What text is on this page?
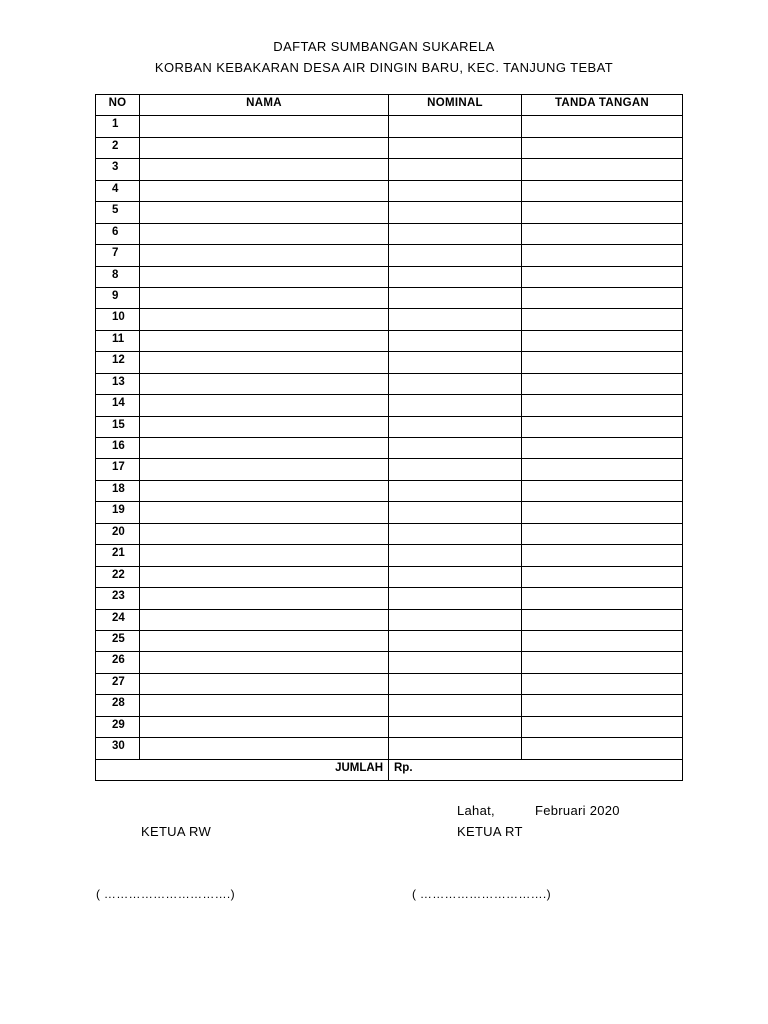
DAFTAR SUMBANGAN SUKARELA
KORBAN KEBAKARAN DESA AIR DINGIN BARU, KEC. TANJUNG TEBAT
NO	NAMA	NOMINAL	TANDA TANGAN
1			
2			
3			
4			
5			
6			
7			
8			
9			
10			
11			
12			
13			
14			
15			
16			
17			
18			
19			
20			
21			
22			
23			
24			
25			
26			
27			
28			
29			
30			
JUMLAH		Rp.	
Lahat,	Februari 2020
KETUA RW	KETUA RT
( ………………………….)	( ………………………….)
